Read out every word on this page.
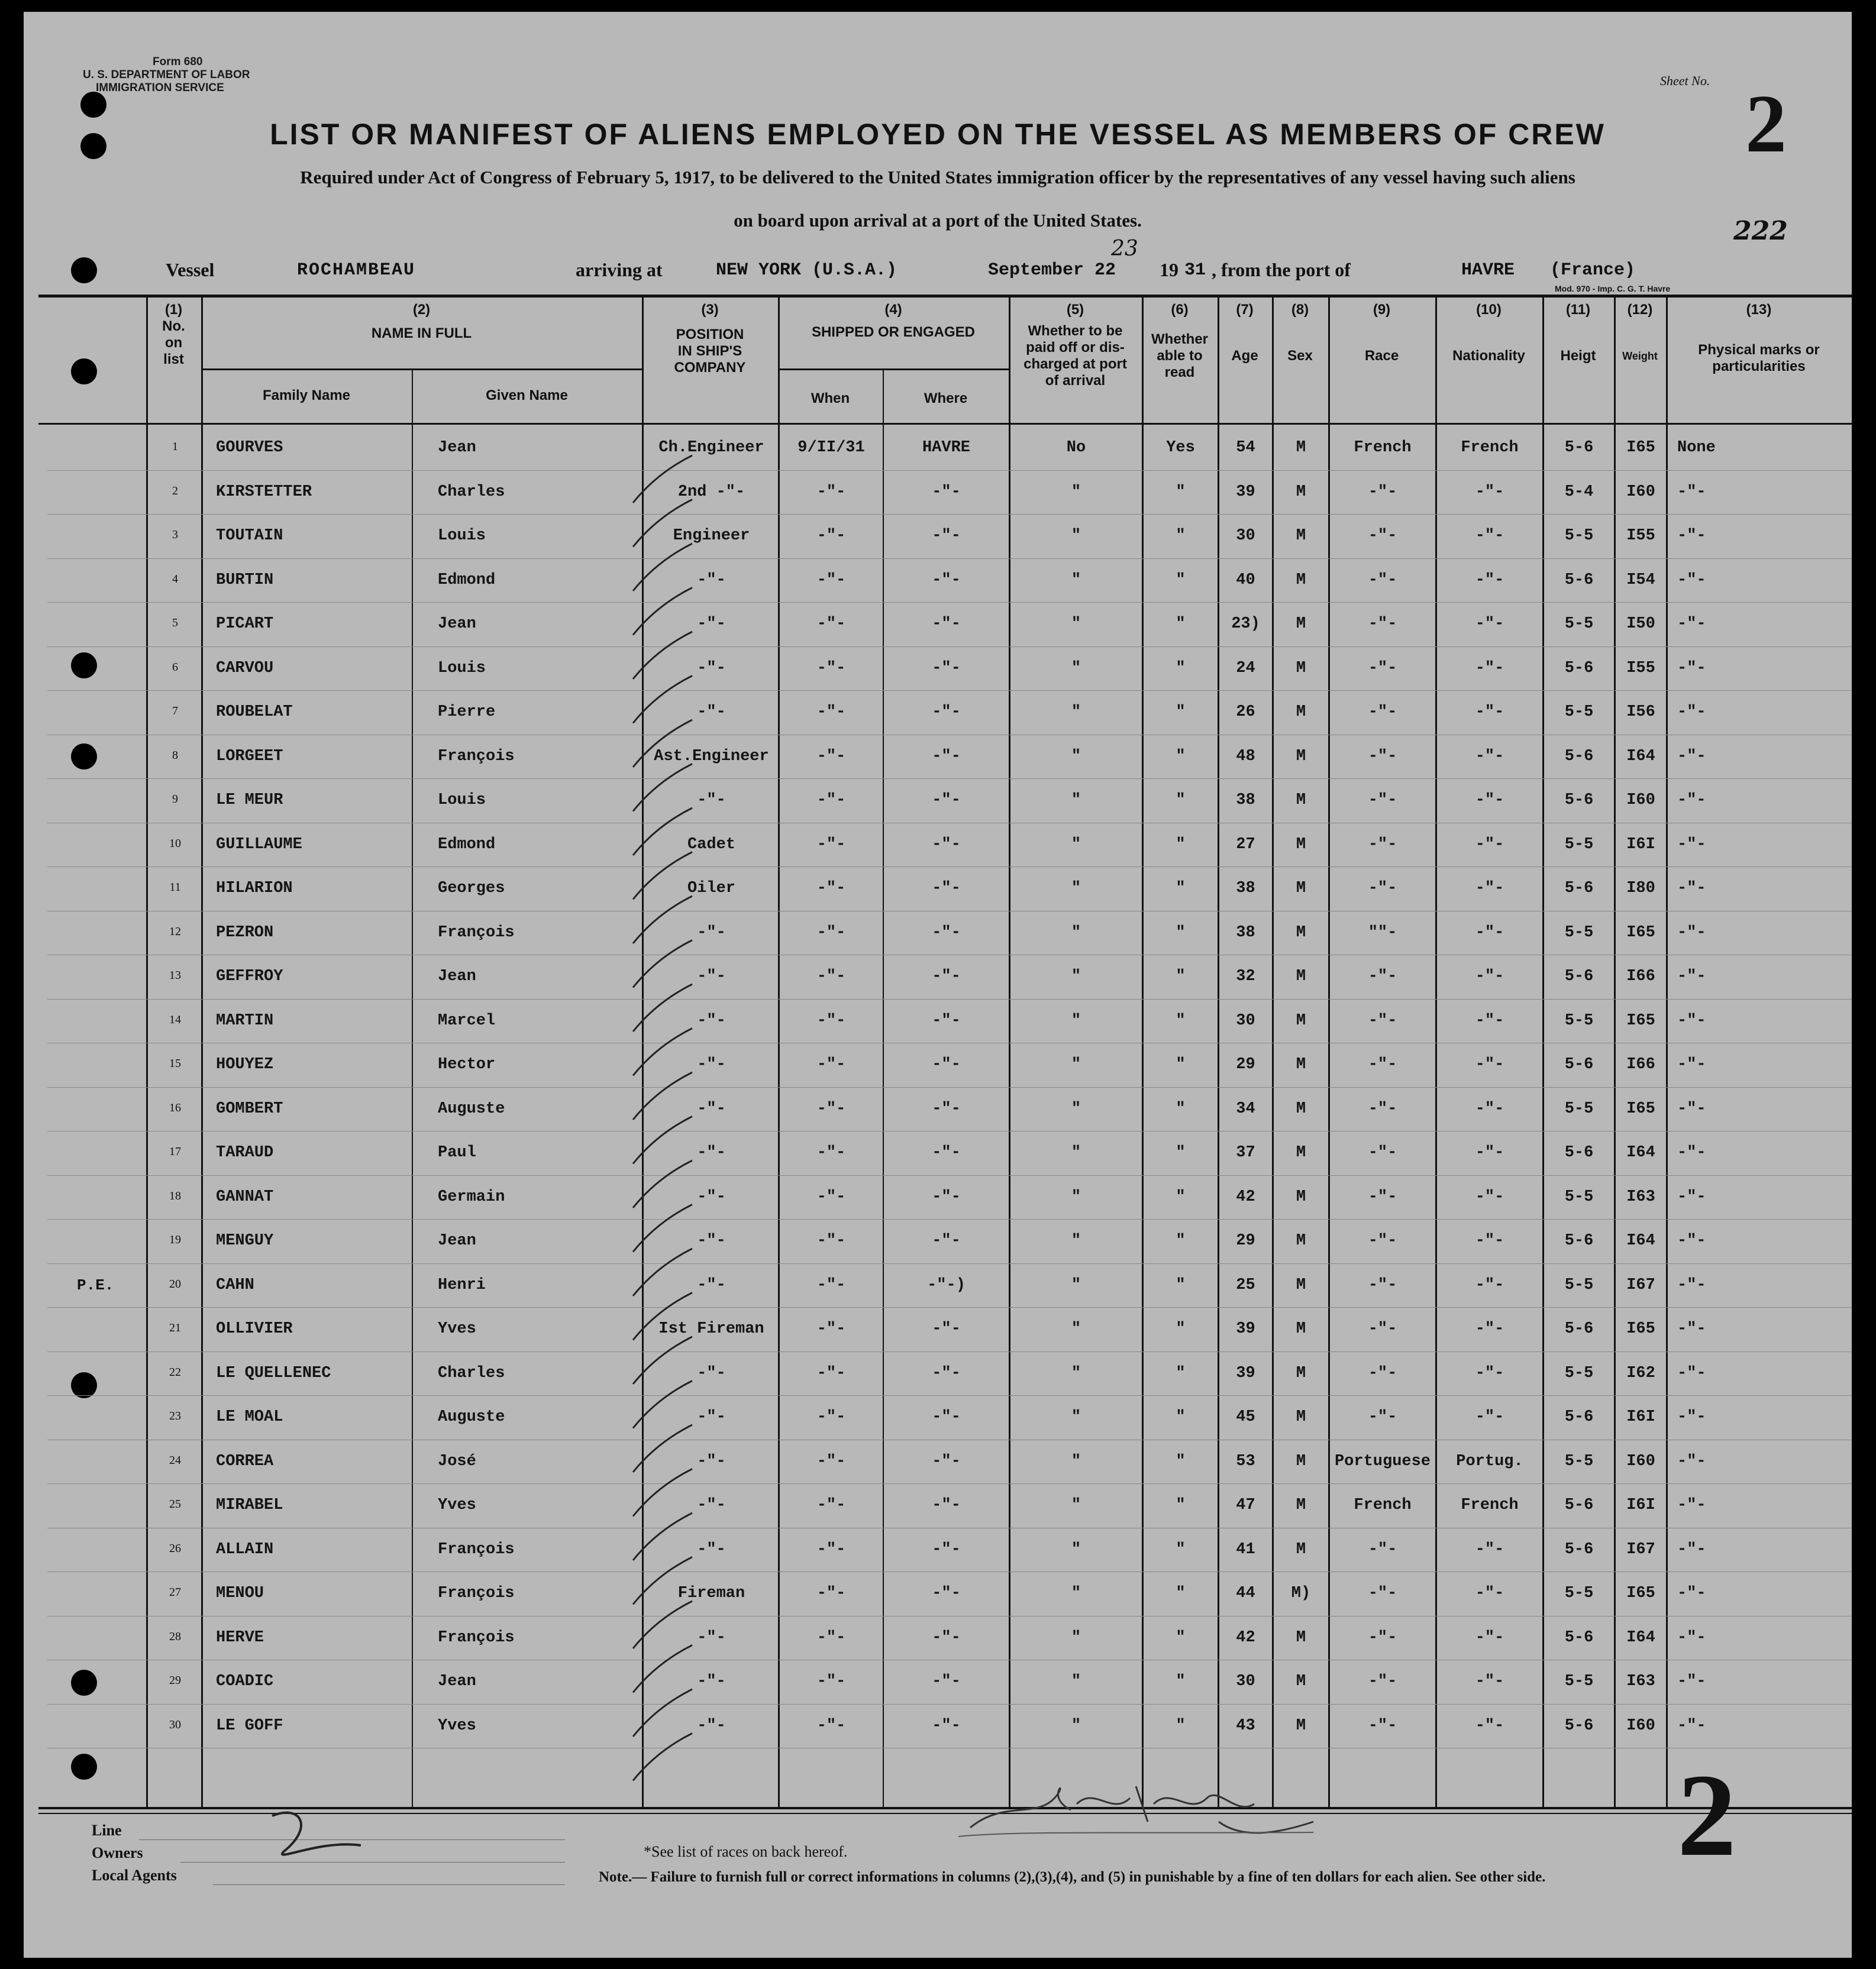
Form 680
U. S. DEPARTMENT OF LABOR
IMMIGRATION SERVICE	Sheet No. 2
LIST OR MANIFEST OF ALIENS EMPLOYED ON THE VESSEL AS MEMBERS OF CREW
Required under Act of Congress of February 5, 1917, to be delivered to the United States immigration officer by the representatives of any vessel having such aliens
on board upon arrival at a port of the United States.	222
Vessel	ROCHAMBEAU	arriving at	NEW YORK (U.S.A.)	September 22
23
19 31 , from the port of	HAVRE (France)
Mod. 970 - Imp. C. G. T. Havre
(1)
No.
on
list
(2)
NAME IN FULL
Family Name	Given Name
(3)
POSITION
IN SHIP'S
COMPANY
(4)
SHIPPED OR ENGAGED
When	Where
(5)
Whether to be
paid off or dis-
charged at port
of arrival
(6)
Whether
able to
read
(7)
Age
(8)
Sex
(9)
Race
(10)
Nationality
(11)
Heigt
(12)
Weight
(13)
Physical marks or
particularities
1	GOURVES	Jean	Ch.Engineer	9/II/31	HAVRE	No	Yes	54	M	French	French	5-6	I65	None
2	KIRSTETTER	Charles	2nd -"-	-"-	-"-	"	"	39	M	-"-	-"-	5-4	I60	-"-
3	TOUTAIN	Louis	Engineer	-"-	-"-	"	"	30	M	-"-	-"-	5-5	I55	-"-
4	BURTIN	Edmond	-"-	-"-	-"-	"	"	40	M	-"-	-"-	5-6	I54	-"-
5	PICART	Jean	-"-	-"-	-"-	"	"	23)	M	-"-	-"-	5-5	I50	-"-
6	CARVOU	Louis	-"-	-"-	-"-	"	"	24	M	-"-	-"-	5-6	I55	-"-
7	ROUBELAT	Pierre	-"-	-"-	-"-	"	"	26	M	-"-	-"-	5-5	I56	-"-
8	LORGEET	François	Ast.Engineer	-"-	-"-	"	"	48	M	-"-	-"-	5-6	I64	-"-
9	LE MEUR	Louis	-"-	-"-	-"-	"	"	38	M	-"-	-"-	5-6	I60	-"-
10	GUILLAUME	Edmond	Cadet	-"-	-"-	"	"	27	M	-"-	-"-	5-5	I6I	-"-
11	HILARION	Georges	Oiler	-"-	-"-	"	"	38	M	-"-	-"-	5-6	I80	-"-
12	PEZRON	François	-"-	-"-	-"-	"	"	38	M	""-	-"-	5-5	I65	-"-
13	GEFFROY	Jean	-"-	-"-	-"-	"	"	32	M	-"-	-"-	5-6	I66	-"-
14	MARTIN	Marcel	-"-	-"-	-"-	"	"	30	M	-"-	-"-	5-5	I65	-"-
15	HOUYEZ	Hector	-"-	-"-	-"-	"	"	29	M	-"-	-"-	5-6	I66	-"-
16	GOMBERT	Auguste	-"-	-"-	-"-	"	"	34	M	-"-	-"-	5-5	I65	-"-
17	TARAUD	Paul	-"-	-"-	-"-	"	"	37	M	-"-	-"-	5-6	I64	-"-
18	GANNAT	Germain	-"-	-"-	-"-	"	"	42	M	-"-	-"-	5-5	I63	-"-
19	MENGUY	Jean	-"-	-"-	-"-	"	"	29	M	-"-	-"-	5-6	I64	-"-
20	CAHN	Henri	-"-	-"-	-"-)	"	"	25	M	-"-	-"-	5-5	I67	-"-
21	OLLIVIER	Yves	Ist Fireman	-"-	-"-	"	"	39	M	-"-	-"-	5-6	I65	-"-
22	LE QUELLENEC	Charles	-"-	-"-	-"-	"	"	39	M	-"-	-"-	5-5	I62	-"-
23	LE MOAL	Auguste	-"-	-"-	-"-	"	"	45	M	-"-	-"-	5-6	I6I	-"-
24	CORREA	José	-"-	-"-	-"-	"	"	53	M	Portuguese	Portug.	5-5	I60	-"-
25	MIRABEL	Yves	-"-	-"-	-"-	"	"	47	M	French	French	5-6	I6I	-"-
26	ALLAIN	François	-"-	-"-	-"-	"	"	41	M	-"-	-"-	5-6	I67	-"-
27	MENOU	François	Fireman	-"-	-"-	"	"	44	M)	-"-	-"-	5-5	I65	-"-
28	HERVE	François	-"-	-"-	-"-	"	"	42	M	-"-	-"-	5-6	I64	-"-
29	COADIC	Jean	-"-	-"-	-"-	"	"	30	M	-"-	-"-	5-5	I63	-"-
30	LE GOFF	Yves	-"-	-"-	-"-	"	"	43	M	-"-	-"-	5-6	I60	-"-
P.E.
Line
Owners
Local Agents
*See list of races on back hereof.
Note.— Failure to furnish full or correct informations in columns (2),(3),(4), and (5) in punishable by a fine of ten dollars for each alien. See other side. 2
